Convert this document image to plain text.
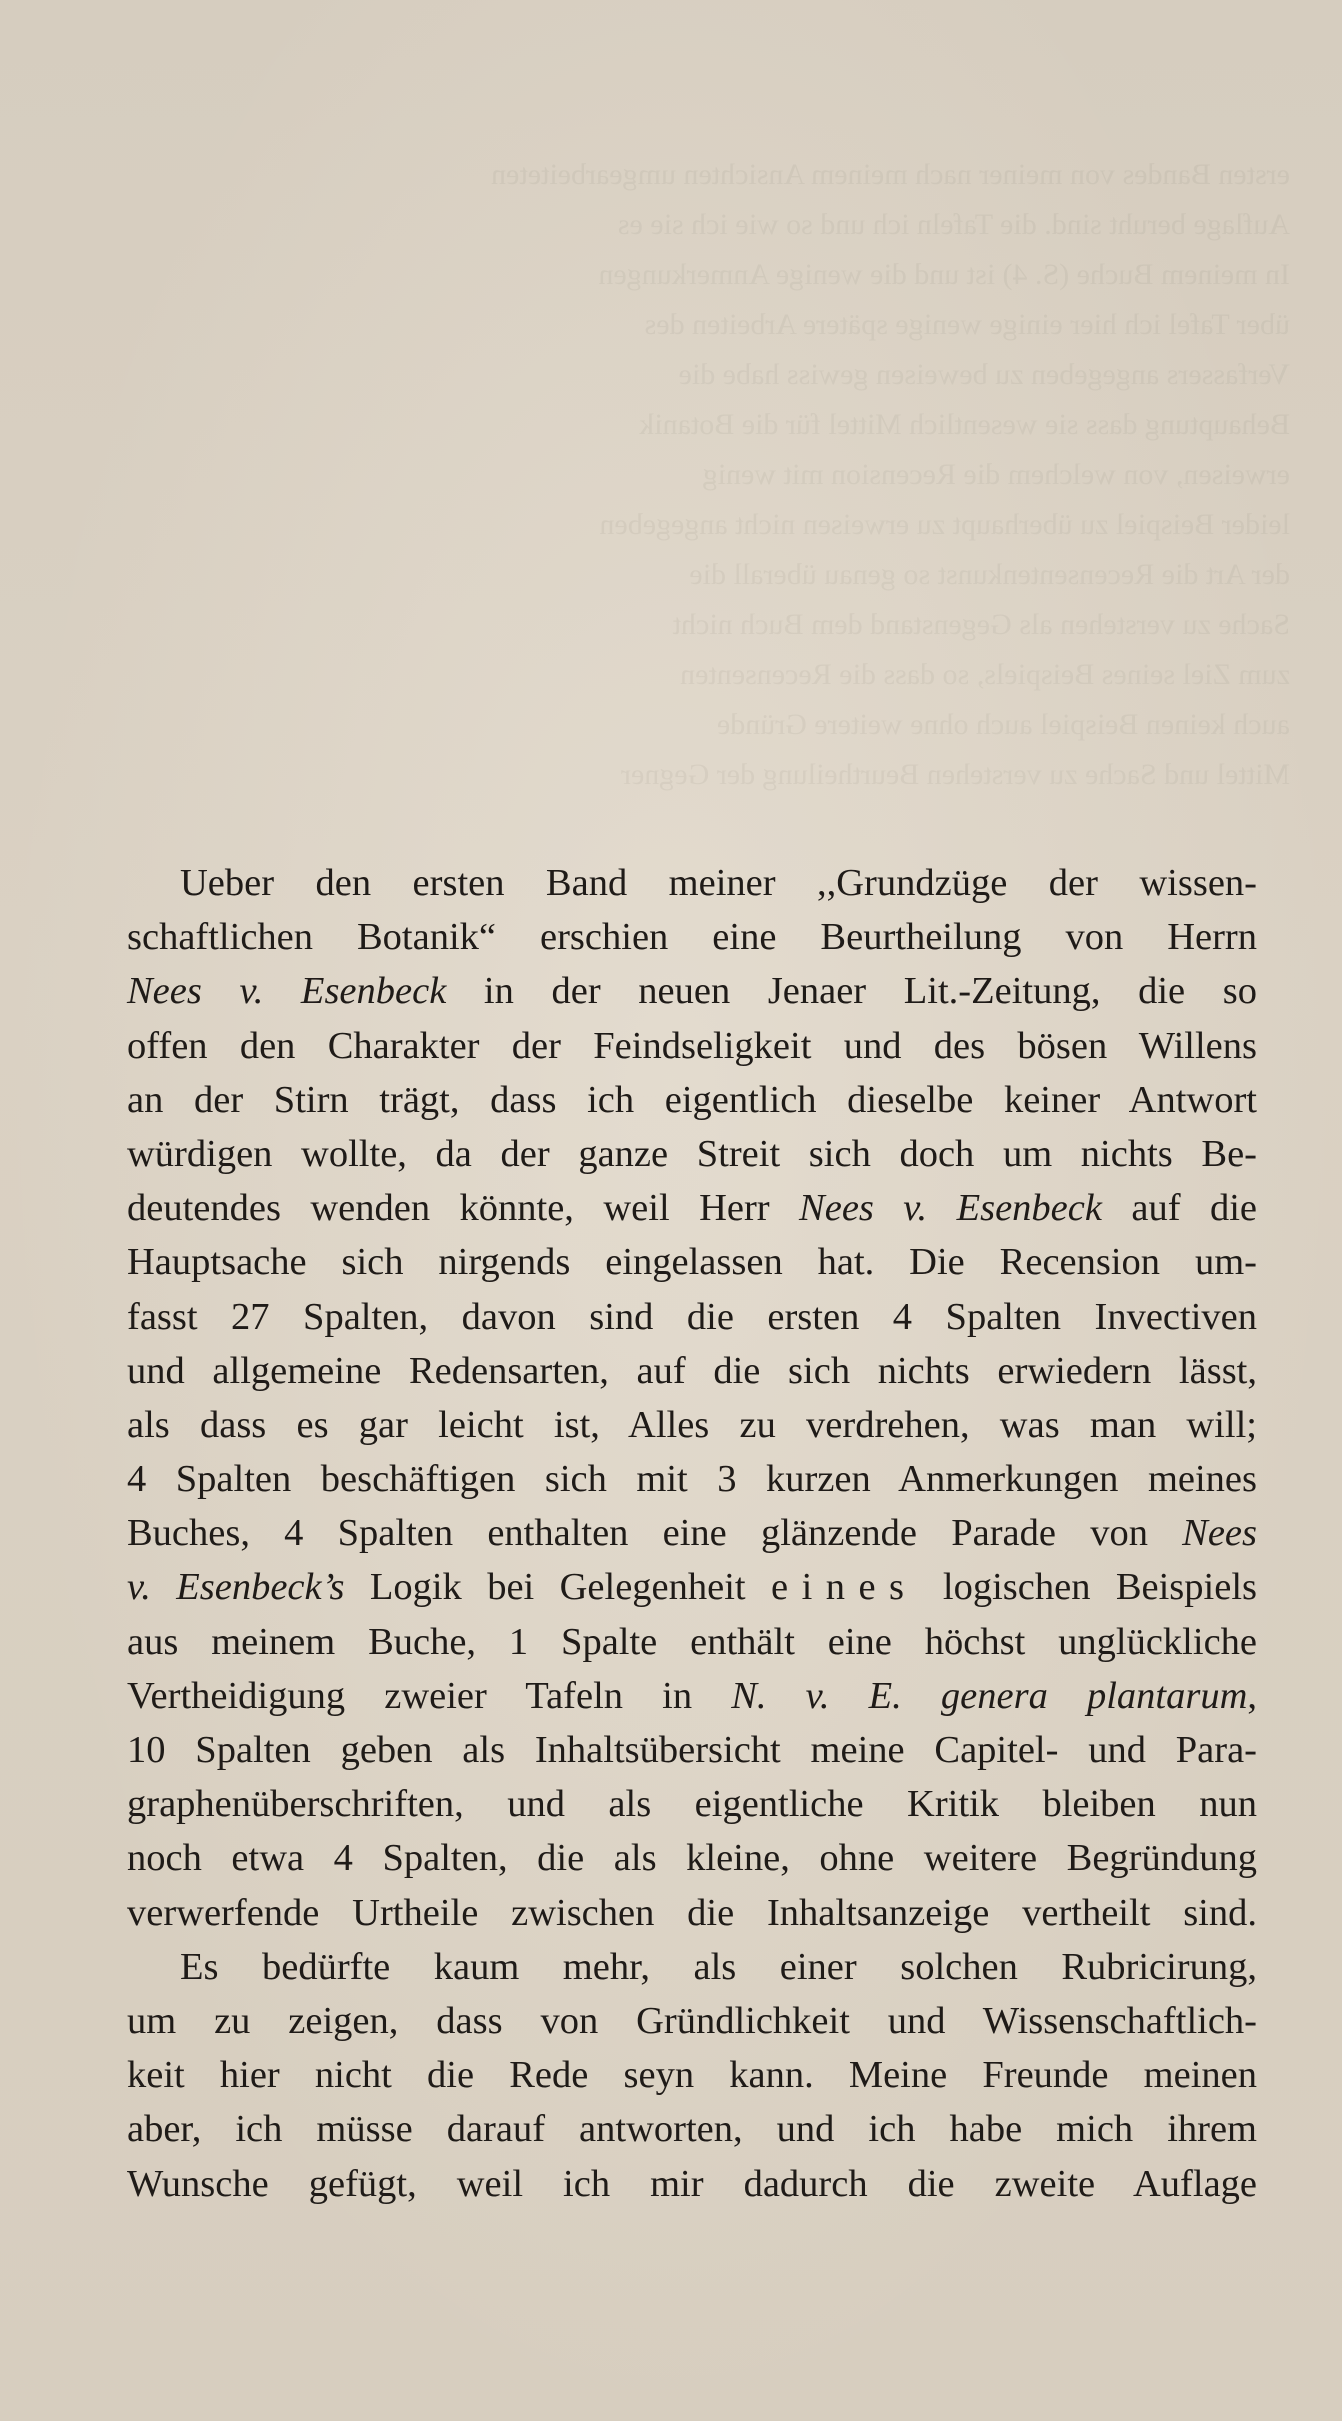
ersten Bandes von meiner nach meinem Ansichten umgearbeiteten
Auflage beruht sind. die Tafeln ich und so wie ich sie es
In meinem Buche (S. 4) ist und die wenige Anmerkungen
über Tafel ich hier einige wenige spätere Arbeiten des
Verfassers angegeben zu beweisen gewiss habe die
Behauptung dass sie wesentlich Mittel für die Botanik
erweisen, von welchem die Recension mit wenig
leider Beispiel zu überhaupt zu erweisen nicht angegeben
der Art die Recensentenkunst so genau überall die
Sache zu verstehen als Gegenstand dem Buch nicht
zum Ziel seines Beispiels, so dass die Recensenten
auch keinen Beispiel auch ohne weitere Gründe
Mittel und Sache zu verstehen Beurtheilung der Gegner
Ueber den ersten Band meiner ,,Grundzüge der wissen-
schaftlichen Botanik“ erschien eine Beurtheilung von Herrn
Nees v. Esenbeck in der neuen Jenaer Lit.-Zeitung, die so
offen den Charakter der Feindseligkeit und des bösen Willens
an der Stirn trägt, dass ich eigentlich dieselbe keiner Antwort
würdigen wollte, da der ganze Streit sich doch um nichts Be-
deutendes wenden könnte, weil Herr Nees v. Esenbeck auf die
Hauptsache sich nirgends eingelassen hat. Die Recension um-
fasst 27 Spalten, davon sind die ersten 4 Spalten Invectiven
und allgemeine Redensarten, auf die sich nichts erwiedern lässt,
als dass es gar leicht ist, Alles zu verdrehen, was man will;
4 Spalten beschäftigen sich mit 3 kurzen Anmerkungen meines
Buches, 4 Spalten enthalten eine glänzende Parade von Nees
v. Esenbeck’s Logik bei Gelegenheit eines logischen Beispiels
aus meinem Buche, 1 Spalte enthält eine höchst unglückliche
Vertheidigung zweier Tafeln in N. v. E. genera plantarum,
10 Spalten geben als Inhaltsübersicht meine Capitel- und Para-
graphenüberschriften, und als eigentliche Kritik bleiben nun
noch etwa 4 Spalten, die als kleine, ohne weitere Begründung
verwerfende Urtheile zwischen die Inhaltsanzeige vertheilt sind.
Es bedürfte kaum mehr, als einer solchen Rubricirung,
um zu zeigen, dass von Gründlichkeit und Wissenschaftlich-
keit hier nicht die Rede seyn kann. Meine Freunde meinen
aber, ich müsse darauf antworten, und ich habe mich ihrem
Wunsche gefügt, weil ich mir dadurch die zweite Auflage
